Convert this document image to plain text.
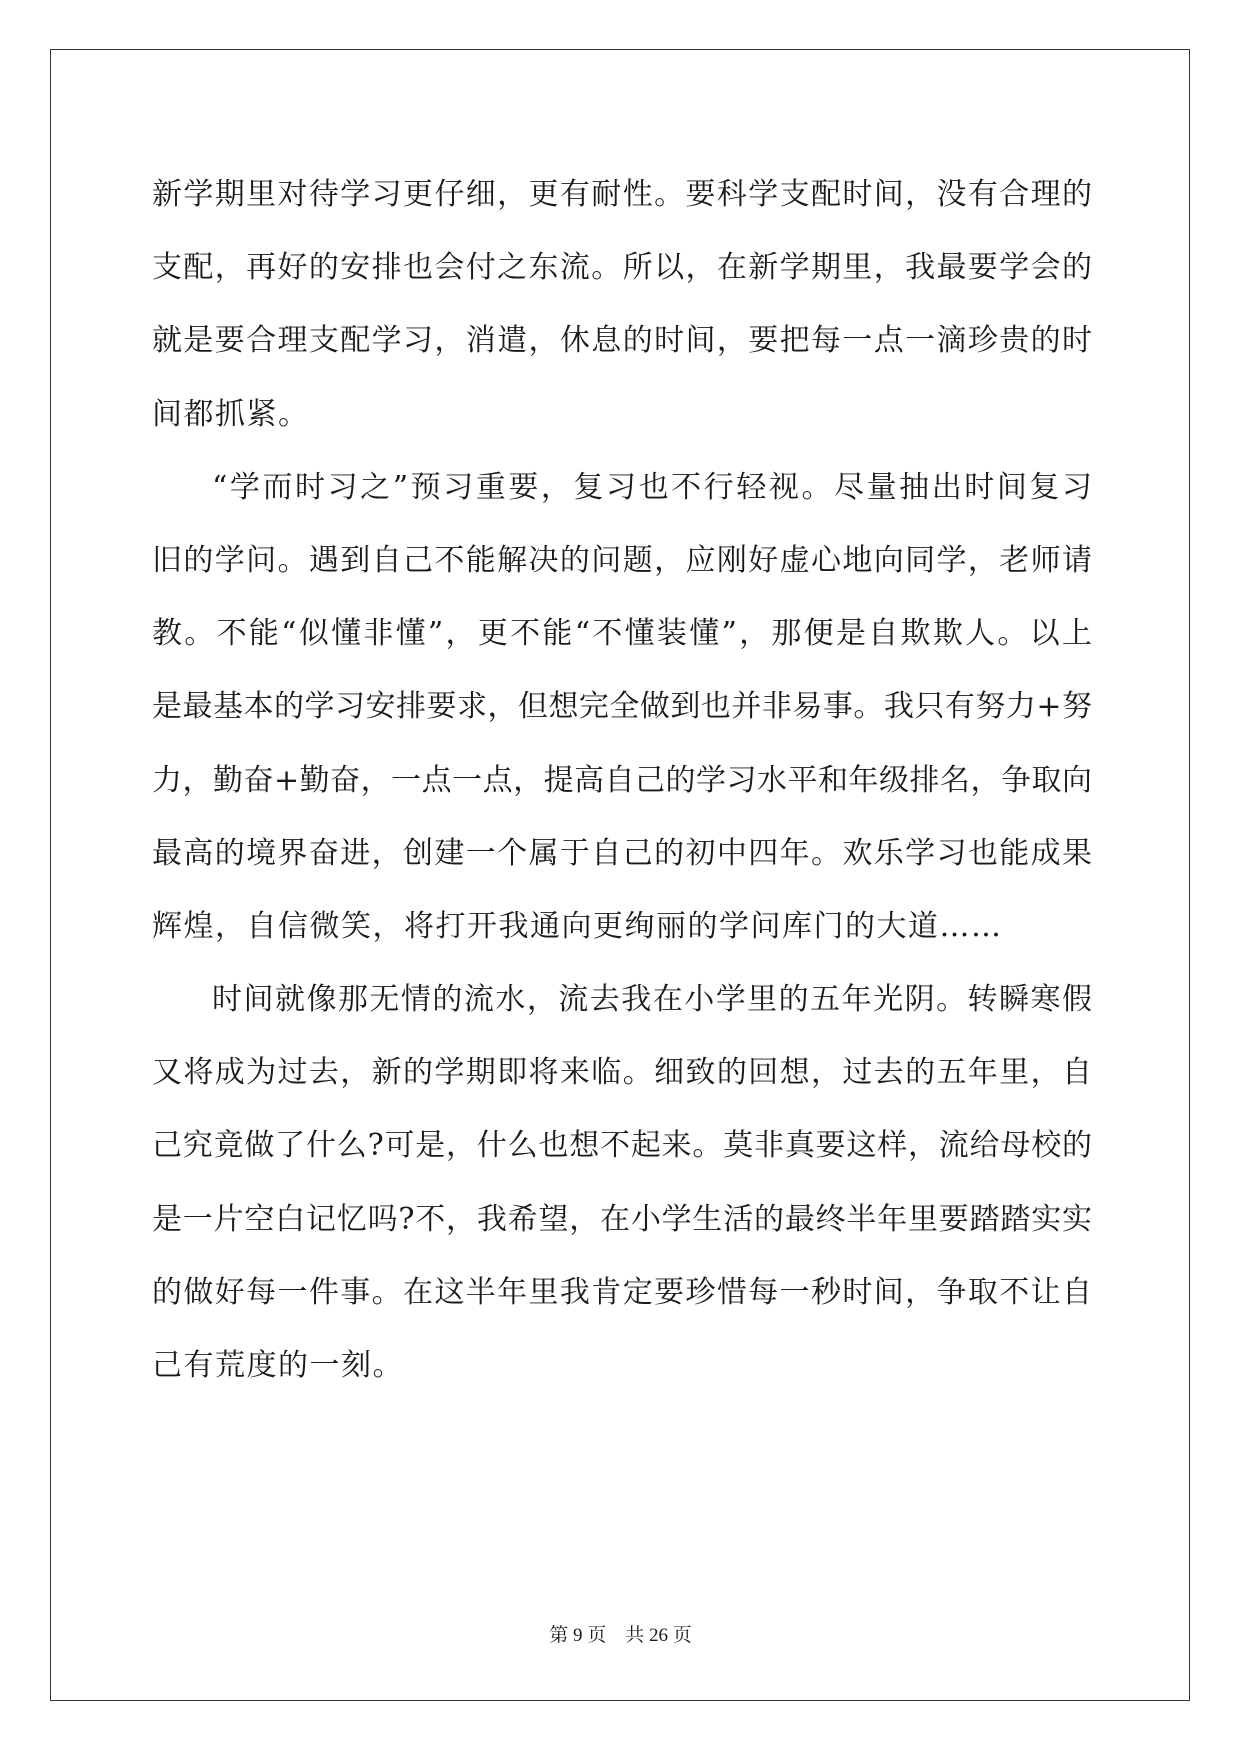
新学期里对待学习更仔细，更有耐性。要科学支配时间，没有合理的
支配，再好的安排也会付之东流。所以，在新学期里，我最要学会的
就是要合理支配学习，消遣，休息的时间，要把每一点一滴珍贵的时
间都抓紧。
“学而时习之”预习重要，复习也不行轻视。尽量抽出时间复习
旧的学问。遇到自己不能解决的问题，应刚好虚心地向同学，老师请
教。不能“似懂非懂”，更不能“不懂装懂”，那便是自欺欺人。以上
是最基本的学习安排要求，但想完全做到也并非易事。我只有努力+努
力，勤奋+勤奋，一点一点，提高自己的学习水平和年级排名，争取向
最高的境界奋进，创建一个属于自己的初中四年。欢乐学习也能成果
辉煌，自信微笑，将打开我通向更绚丽的学问库门的大道……
时间就像那无情的流水，流去我在小学里的五年光阴。转瞬寒假
又将成为过去，新的学期即将来临。细致的回想，过去的五年里，自
己究竟做了什么?可是，什么也想不起来。莫非真要这样，流给母校的
是一片空白记忆吗?不，我希望，在小学生活的最终半年里要踏踏实实
的做好每一件事。在这半年里我肯定要珍惜每一秒时间，争取不让自
己有荒度的一刻。
第 9 页 共 26 页
